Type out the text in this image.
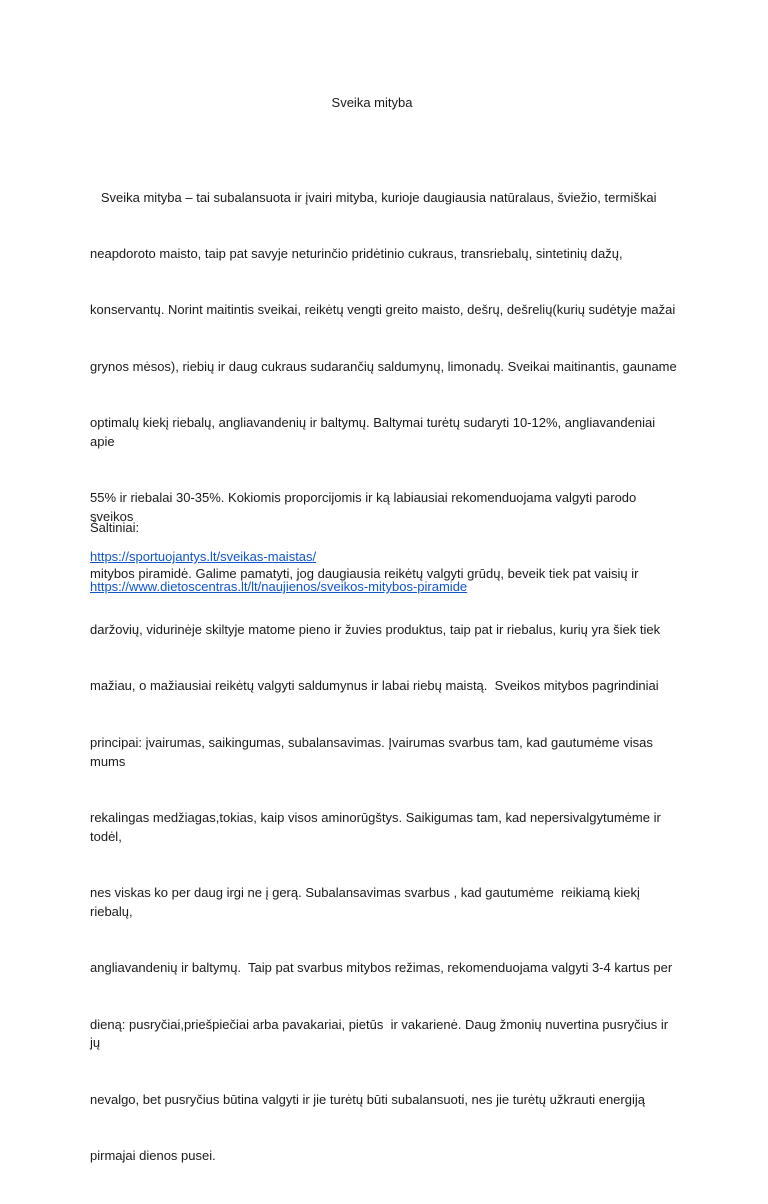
Sveika mityba

Sveika mityba – tai subalansuota ir įvairi mityba, kurioje daugiausia natūralaus, šviežio, termiškai

neapdoroto maisto, taip pat savyje neturinčio pridėtinio cukraus, transriebalų, sintetinių dažų,

konservantų. Norint maitintis sveikai, reikėtų vengti greito maisto, dešrų, dešrelių(kurių sudėtyje mažai

grynos mėsos), riebių ir daug cukraus sudarančių saldumynų, limonadų. Sveikai maitinantis, gauname

optimalų kiekį riebalų, angliavandenių ir baltymų. Baltymai turėtų sudaryti 10-12%, angliavandeniai apie

55% ir riebalai 30-35%. Kokiomis proporcijomis ir ką labiausiai rekomenduojama valgyti parodo sveikos

mitybos piramidė. Galime pamatyti, jog daugiausia reikėtų valgyti grūdų, beveik tiek pat vaisių ir

daržovių, vidurinėje skiltyje matome pieno ir žuvies produktus, taip pat ir riebalus, kurių yra šiek tiek

mažiau, o mažiausiai reikėtų valgyti saldumynus ir labai riebų maistą.  Sveikos mitybos pagrindiniai

principai: įvairumas, saikingumas, subalansavimas. Įvairumas svarbus tam, kad gautumėme visas mums

rekalingas medžiagas,tokias, kaip visos aminorūgštys. Saikigumas tam, kad nepersivalgytumėme ir todėl,

nes viskas ko per daug irgi ne į gerą. Subalansavimas svarbus , kad gautumėme  reikiamą kiekį riebalų,

angliavandenių ir baltymų.  Taip pat svarbus mitybos režimas, rekomenduojama valgyti 3-4 kartus per

dieną: pusryčiai,priešpiečiai arba pavakariai, pietūs  ir vakarienė. Daug žmonių nuvertina pusryčius ir jų

nevalgo, bet pusryčius būtina valgyti ir jie turėtų būti subalansuoti, nes jie turėtų užkrauti energiją

pirmajai dienos pusei.

Šaltiniai:
https://sportuojantys.lt/sveikas-maistas/
https://www.dietoscentras.lt/lt/naujienos/sveikos-mitybos-piramide
